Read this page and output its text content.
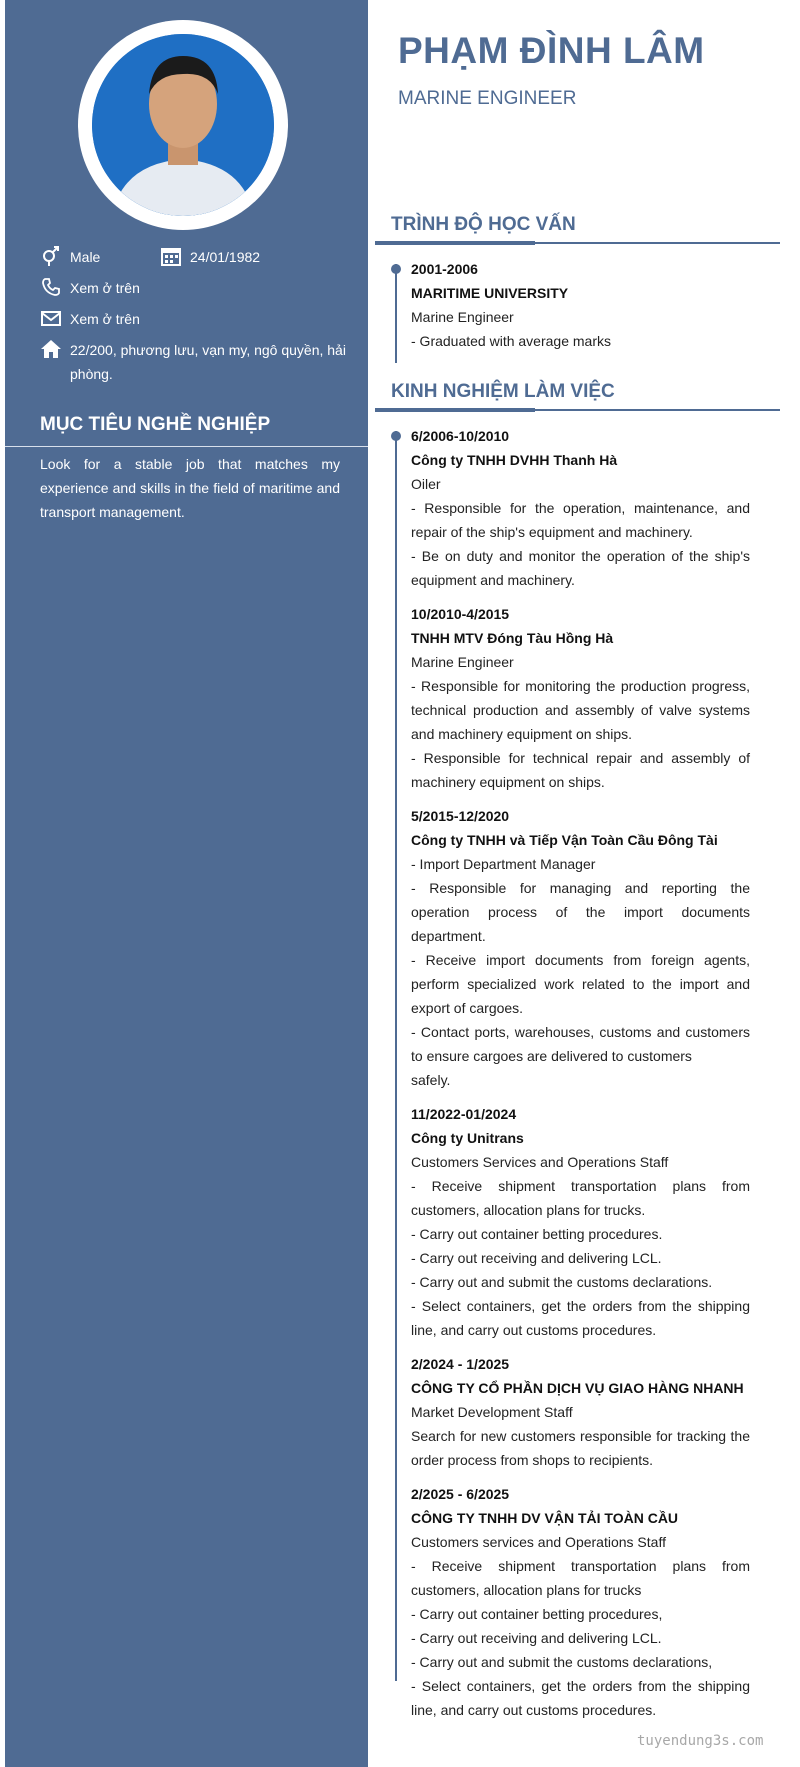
Male	24/01/1982
Xem ở trên
Xem ở trên
22/200, phương lưu, vạn my, ngô quyền, hải phòng.
MỤC TIÊU NGHỀ NGHIỆP
Look for a stable job that matches my experience and skills in the field of maritime and transport management.
PHẠM ĐÌNH LÂM
MARINE ENGINEER
TRÌNH ĐỘ HỌC VẤN
2001-2006
MARITIME UNIVERSITY
Marine Engineer
- Graduated with average marks
KINH NGHIỆM LÀM VIỆC
6/2006-10/2010
Công ty TNHH DVHH Thanh Hà
Oiler
- Responsible for the operation, maintenance, and repair of the ship's equipment and machinery.
- Be on duty and monitor the operation of the ship's equipment and machinery.
10/2010-4/2015
TNHH MTV Đóng Tàu Hồng Hà
Marine Engineer
- Responsible for monitoring the production progress, technical production and assembly of valve systems and machinery equipment on ships.
- Responsible for technical repair and assembly of machinery equipment on ships.
5/2015-12/2020
Công ty TNHH và Tiếp Vận Toàn Cầu Đông Tài
- Import Department Manager
- Responsible for managing and reporting the operation process of the import documents department.
- Receive import documents from foreign agents, perform specialized work related to the import and export of cargoes.
- Contact ports, warehouses, customs and customers to ensure cargoes are delivered to customers
safely.
11/2022-01/2024
Công ty Unitrans
Customers Services and Operations Staff
- Receive shipment transportation plans from customers, allocation plans for trucks.
- Carry out container betting procedures.
- Carry out receiving and delivering LCL.
- Carry out and submit the customs declarations.
- Select containers, get the orders from the shipping line, and carry out customs procedures.
2/2024 - 1/2025
CÔNG TY CỔ PHẦN DỊCH VỤ GIAO HÀNG NHANH
Market Development Staff
Search for new customers responsible for tracking the order process from shops to recipients.
2/2025 - 6/2025
CÔNG TY TNHH DV VẬN TẢI TOÀN CẦU
Customers services and Operations Staff
- Receive shipment transportation plans from customers, allocation plans for trucks
- Carry out container betting procedures,
- Carry out receiving and delivering LCL.
- Carry out and submit the customs declarations,
- Select containers, get the orders from the shipping line, and carry out customs procedures.
tuyendung3s.com
